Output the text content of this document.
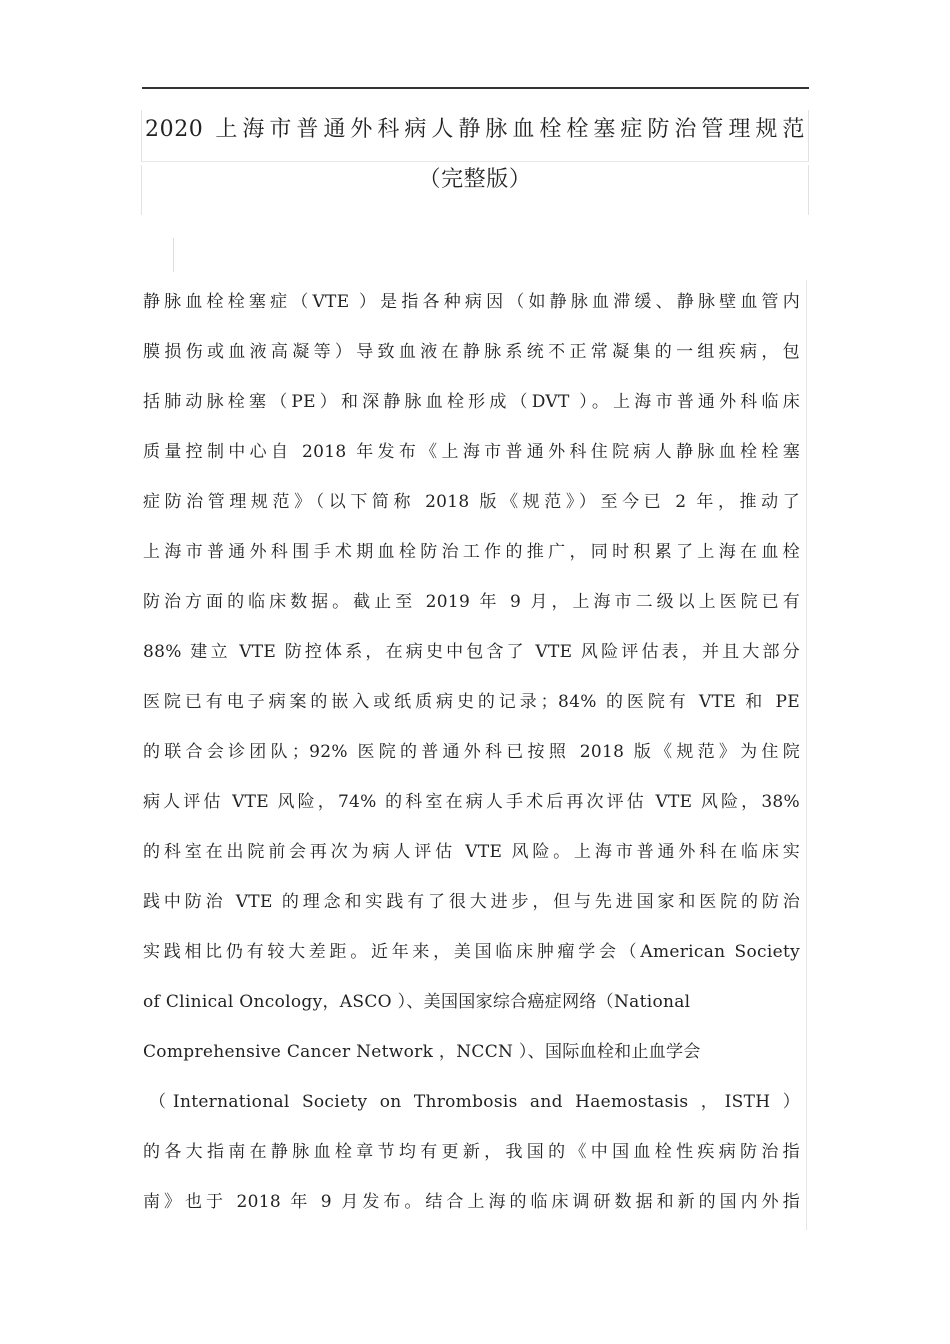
2020 上海市普通外科病人静脉血栓栓塞症防治管理规范
（完整版）
静脉血栓栓塞症（VTE ）是指各种病因（如静脉血滞缓、静脉壁血管内
膜损伤或血液高凝等）导致血液在静脉系统不正常凝集的一组疾病，包
括肺动脉栓塞（PE）和深静脉血栓形成（DVT ）。上海市普通外科临床
质量控制中心自 2018 年发布《上海市普通外科住院病人静脉血栓栓塞
症防治管理规范》（以下简称 2018 版《规范》）至今已 2 年，推动了
上海市普通外科围手术期血栓防治工作的推广，同时积累了上海在血栓
防治方面的临床数据。截止至 2019 年 9 月，上海市二级以上医院已有
88% 建立 VTE 防控体系，在病史中包含了 VTE 风险评估表，并且大部分
医院已有电子病案的嵌入或纸质病史的记录；84% 的医院有 VTE 和 PE
的联合会诊团队；92% 医院的普通外科已按照 2018 版《规范》为住院
病人评估 VTE 风险，74% 的科室在病人手术后再次评估 VTE 风险，38%
的科室在出院前会再次为病人评估 VTE 风险。上海市普通外科在临床实
践中防治 VTE 的理念和实践有了很大进步，但与先进国家和医院的防治
实践相比仍有较大差距。近年来，美国临床肿瘤学会（American Society
of Clinical Oncology，ASCO ）、美国国家综合癌症网络（National
Comprehensive Cancer Network ，NCCN ）、国际血栓和止血学会
（International Society on Thrombosis and Haemostasis ，ISTH ）
的各大指南在静脉血栓章节均有更新，我国的《中国血栓性疾病防治指
南》也于 2018 年 9 月发布。结合上海的临床调研数据和新的国内外指
